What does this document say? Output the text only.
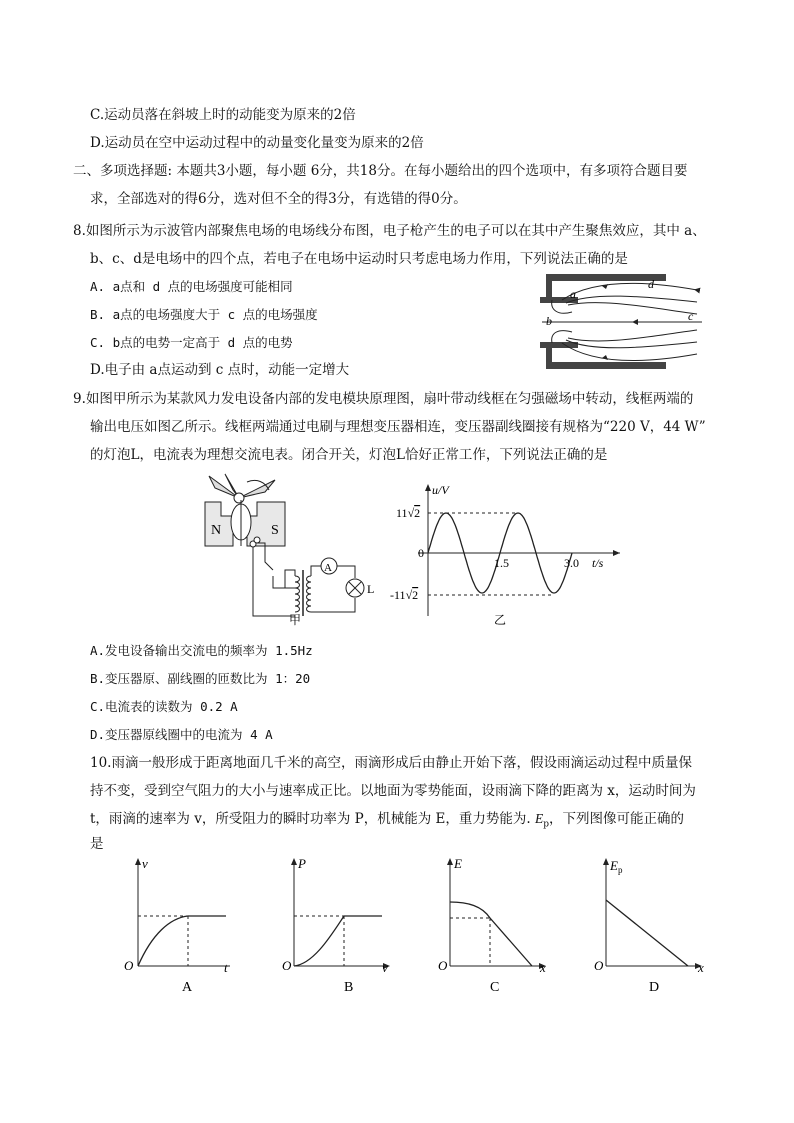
C.运动员落在斜坡上时的动能变为原来的2倍
D.运动员在空中运动过程中的动量变化量变为原来的2倍
二、多项选择题: 本题共3小题，每小题 6分，共18分。在每小题给出的四个选项中，有多项符合题目要
求，全部选对的得6分，选对但不全的得3分，有选错的得0分。
8.如图所示为示波管内部聚焦电场的电场线分布图，电子枪产生的电子可以在其中产生聚焦效应，其中 a、
b、c、d是电场中的四个点，若电子在电场中运动时只考虑电场力作用，下列说法正确的是
A. a点和 d 点的电场强度可能相同
B. a点的电场强度大于 c 点的电场强度
C. b点的电势一定高于 d 点的电势
D.电子由 a点运动到 c 点时，动能一定增大
a
d
b	c
9.如图甲所示为某款风力发电设备内部的发电模块原理图，扇叶带动线框在匀强磁场中转动，线框两端的
输出电压如图乙所示。线框两端通过电刷与理想变压器相连，变压器副线圈接有规格为“220 V，44 W”
的灯泡L，电流表为理想交流电表。闭合开关，灯泡L恰好正常工作，下列说法正确的是
N	S
A
L
甲
u/V
11√2
-11√2
0
1.5	3.0 t/s
乙
A.发电设备输出交流电的频率为 1.5Hz
B.变压器原、副线圈的匝数比为 1：20
C.电流表的读数为 0.2 A
D.变压器原线圈中的电流为 4 A
10.雨滴一般形成于距离地面几千米的高空，雨滴形成后由静止开始下落，假设雨滴运动过程中质量保
持不变，受到空气阻力的大小与速率成正比。以地面为零势能面，设雨滴下降的距离为 x，运动时间为
t，雨滴的速率为 v，所受阻力的瞬时功率为 P，机械能为 E，重力势能为. $E_p$，下列图像可能正确的
是
v
O	t
A
P
O	v
B
E
O	x
C
$E_p$
O	x
D
